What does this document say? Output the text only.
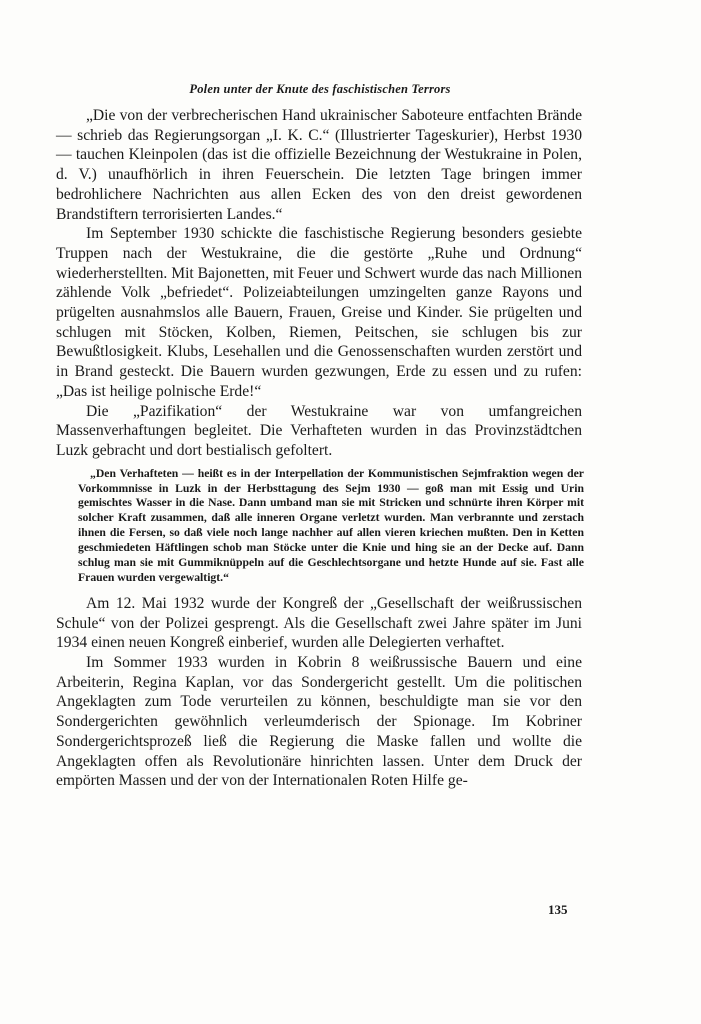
Polen unter der Knute des faschistischen Terrors

„Die von der verbrecherischen Hand ukrainischer Saboteure entfachten Brände — schrieb das Regierungsorgan „I. K. C.“ (Illustrierter Tageskurier), Herbst 1930 — tauchen Kleinpolen (das ist die offizielle Bezeichnung der Westukraine in Polen, d. V.) unaufhörlich in ihren Feuerschein. Die letzten Tage bringen immer bedrohlichere Nachrichten aus allen Ecken des von den dreist gewordenen Brandstiftern terrorisierten Landes.“

Im September 1930 schickte die faschistische Regierung besonders gesiebte Truppen nach der Westukraine, die die gestörte „Ruhe und Ordnung“ wiederherstellten. Mit Bajonetten, mit Feuer und Schwert wurde das nach Millionen zählende Volk „befriedet“. Polizeiabteilungen umzingelten ganze Rayons und prügelten ausnahmslos alle Bauern, Frauen, Greise und Kinder. Sie prügelten und schlugen mit Stöcken, Kolben, Riemen, Peitschen, sie schlugen bis zur Bewußtlosigkeit. Klubs, Lesehallen und die Genossenschaften wurden zerstört und in Brand gesteckt. Die Bauern wurden gezwungen, Erde zu essen und zu rufen: „Das ist heilige polnische Erde!“

Die „Pazifikation“ der Westukraine war von umfangreichen Massenverhaftungen begleitet. Die Verhafteten wurden in das Provinzstädtchen Luzk gebracht und dort bestialisch gefoltert.

„Den Verhafteten — heißt es in der Interpellation der Kommunistischen Sejmfraktion wegen der Vorkommnisse in Luzk in der Herbsttagung des Sejm 1930 — goß man mit Essig und Urin gemischtes Wasser in die Nase. Dann umband man sie mit Stricken und schnürte ihren Körper mit solcher Kraft zusammen, daß alle inneren Organe verletzt wurden. Man verbrannte und zerstach ihnen die Fersen, so daß viele noch lange nachher auf allen vieren kriechen mußten. Den in Ketten geschmiedeten Häftlingen schob man Stöcke unter die Knie und hing sie an der Decke auf. Dann schlug man sie mit Gummiknüppeln auf die Geschlechtsorgane und hetzte Hunde auf sie. Fast alle Frauen wurden vergewaltigt.“

Am 12. Mai 1932 wurde der Kongreß der „Gesellschaft der weißrussischen Schule“ von der Polizei gesprengt. Als die Gesellschaft zwei Jahre später im Juni 1934 einen neuen Kongreß einberief, wurden alle Delegierten verhaftet.

Im Sommer 1933 wurden in Kobrin 8 weißrussische Bauern und eine Arbeiterin, Regina Kaplan, vor das Sondergericht gestellt. Um die politischen Angeklagten zum Tode verurteilen zu können, beschuldigte man sie vor den Sondergerichten gewöhnlich verleumderisch der Spionage. Im Kobriner Sondergerichtsprozeß ließ die Regierung die Maske fallen und wollte die Angeklagten offen als Revolutionäre hinrichten lassen. Unter dem Druck der empörten Massen und der von der Internationalen Roten Hilfe ge-

135
